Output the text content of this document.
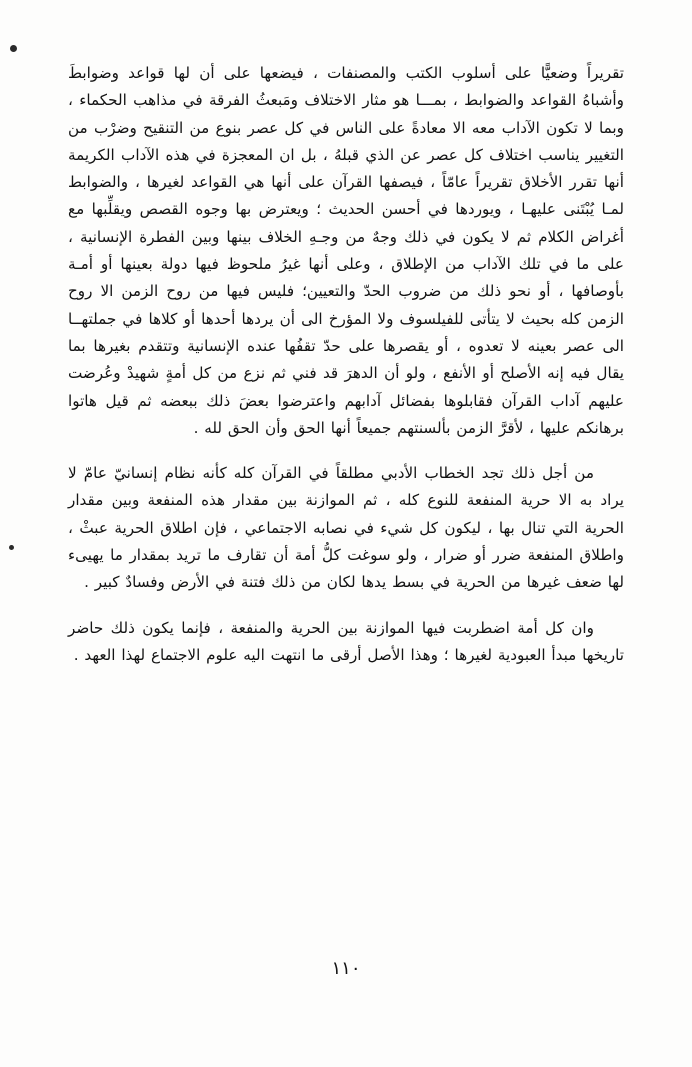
تقريراً وضعيًّا على أسلوب الكتب والمصنفات ، فيضعها على أن لها قواعد وضوابطَ وأشباهُ القواعد والضوابط ، بمـــا هو مثار الاختلاف ومَبعثُ الفرقة في مذاهب الحكماء ، وبما لا تكون الآداب معه الا معادةً على الناس في كل عصر بنوع من التنقيح وضرْب من التغيير يناسب اختلاف كل عصر عن الذي قبلهُ ، بل ان المعجزة في هذه الآداب الكريمة أنها تقرر الأخلاق تقريراً عامّاً ، فيصفها القرآن على أنها هي القواعد لغيرها ، والضوابط لمـا يُبْتَنى عليهـا ، ويوردها في أحسن الحديث ؛ ويعترض بها وجوه القصص ويقلِّبها مع أغراض الكلام ثم لا يكون في ذلك وجهٌ من وجـهِ الخلاف بينها وبين الفطرة الإنسانية ، على ما في تلك الآداب من الإطلاق ، وعلى أنها غيرُ ملحوظ فيها دولة بعينها أو أمـة بأوصافها ، أو نحو ذلك من ضروب الحدّ والتعيين؛ فليس فيها من روح الزمن الا روح الزمن كله بحيث لا يتأتى للفيلسوف ولا المؤرخ الى أن يردها أحدها أو كلاها في جملتهــا الى عصر بعينه لا تعدوه ، أو يقصرها على حدّ تقفُها عنده الإنسانية وتتقدم بغيرها بما يقال فيه إنه الأصلح أو الأنفع ، ولو أن الدهرَ قد فني ثم نزع من كل أمةٍ شهيدْ وعُرضت عليهم آداب القرآن فقابلوها بفضائل آدابهم واعترضوا بعضَ ذلك ببعضه ثم قيل هاتوا برهانكم عليها ، لأقرَّ الزمن بألسنتهم جميعاً أنها الحق وأن الحق لله .

من أجل ذلك تجد الخطاب الأدبي مطلقاً في القرآن كله كأنه نظام إنسانيّ عامّ لا يراد به الا حرية المنفعة للنوع كله ، ثم الموازنة بين مقدار هذه المنفعة وبين مقدار الحرية التي تنال بها ، ليكون كل شيء في نصابه الاجتماعي ، فإن اطلاق الحرية عبثْ ، واطلاق المنفعة ضرر أو ضرار ، ولو سوغت كلُّ أمة أن تقارف ما تريد بمقدار ما يهيىء لها ضعف غيرها من الحرية في بسط يدها لكان من ذلك فتنة في الأرض وفسادٌ كبير .

وان كل أمة اضطربت فيها الموازنة بين الحرية والمنفعة ، فإنما يكون ذلك حاضر تاريخها مبدأ العبودية لغيرها ؛ وهذا الأصل أرقى ما انتهت اليه علوم الاجتماع لهذا العهد .

١١٠
